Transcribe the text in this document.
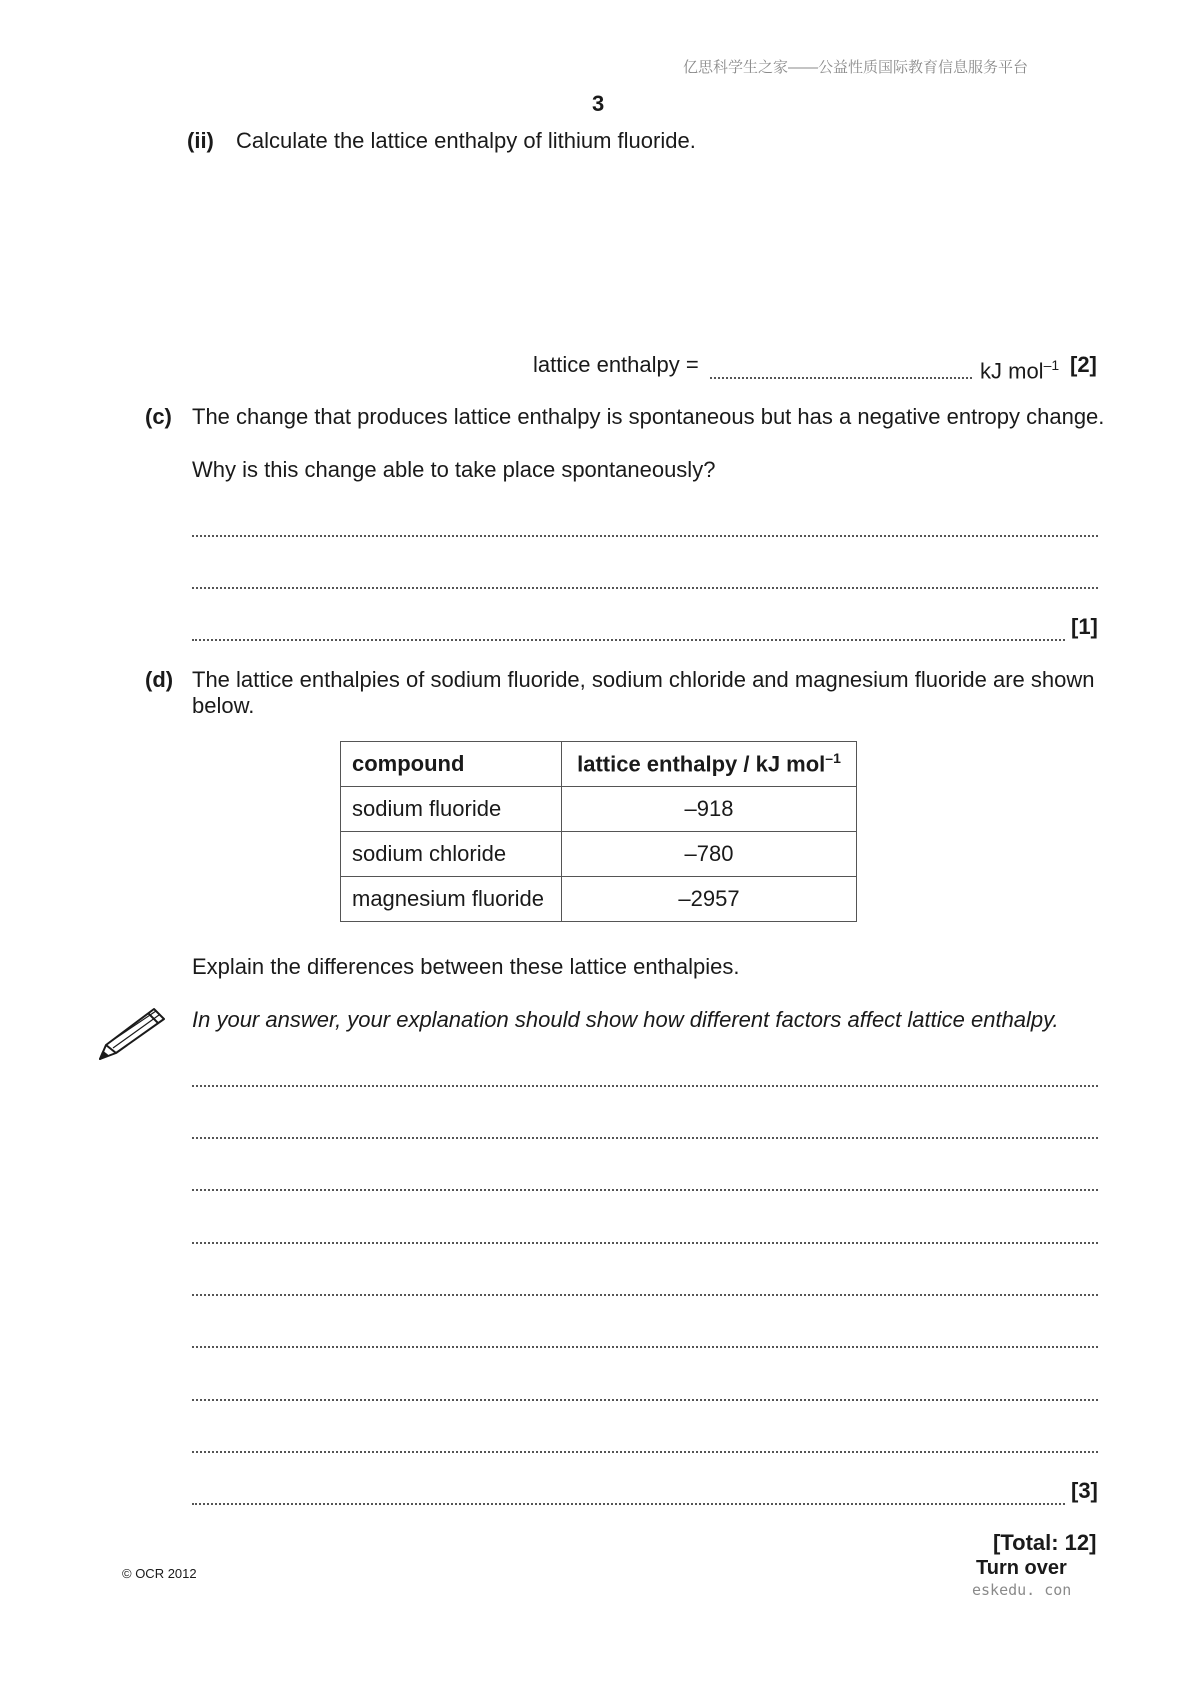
亿思科学生之家——公益性质国际教育信息服务平台
3
(ii) Calculate the lattice enthalpy of lithium fluoride.
lattice enthalpy =	kJ mol$^{-1}$ [2]
(c) The change that produces lattice enthalpy is spontaneous but has a negative entropy change.
Why is this change able to take place spontaneously?
[1]
(d) The lattice enthalpies of sodium fluoride, sodium chloride and magnesium fluoride are shown
below.
compound	lattice enthalpy / kJ mol$^{-1}$
sodium fluoride	–918
sodium chloride	–780
magnesium fluoride	–2957
Explain the differences between these lattice enthalpies.
In your answer, your explanation should show how different factors affect lattice enthalpy.
[3]
[Total: 12]
© OCR 2012	Turn over
eskedu. con
